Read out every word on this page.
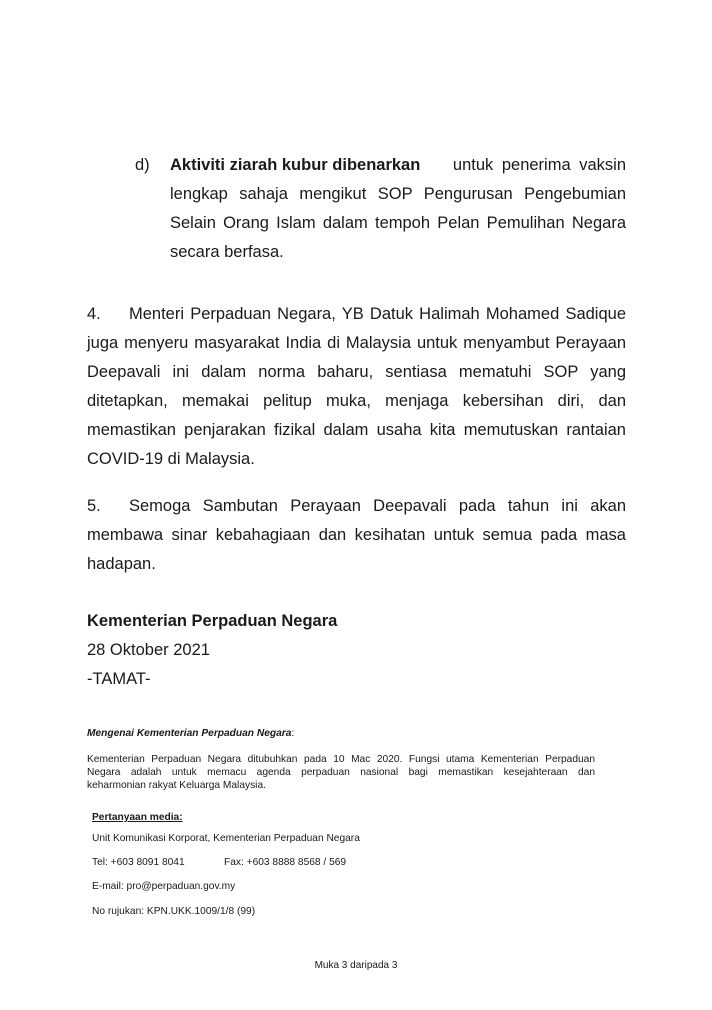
d) Aktiviti ziarah kubur dibenarkan untuk penerima vaksin
lengkap sahaja mengikut SOP Pengurusan Pengebumian
Selain Orang Islam dalam tempoh Pelan Pemulihan Negara
secara berfasa.
4. Menteri Perpaduan Negara, YB Datuk Halimah Mohamed Sadique
juga menyeru masyarakat India di Malaysia untuk menyambut Perayaan
Deepavali ini dalam norma baharu, sentiasa mematuhi SOP yang
ditetapkan, memakai pelitup muka, menjaga kebersihan diri, dan
memastikan penjarakan fizikal dalam usaha kita memutuskan rantaian
COVID-19 di Malaysia.
5. Semoga Sambutan Perayaan Deepavali pada tahun ini akan
membawa sinar kebahagiaan dan kesihatan untuk semua pada masa
hadapan.
Kementerian Perpaduan Negara
28 Oktober 2021
-TAMAT-
Mengenai Kementerian Perpaduan Negara:
Kementerian Perpaduan Negara ditubuhkan pada 10 Mac 2020. Fungsi utama Kementerian Perpaduan
Negara adalah untuk memacu agenda perpaduan nasional bagi memastikan kesejahteraan dan
keharmonian rakyat Keluarga Malaysia.
Pertanyaan media:
Unit Komunikasi Korporat, Kementerian Perpaduan Negara
Tel: +603 8091 8041	Fax: +603 8888 8568 / 569
E-mail: pro@perpaduan.gov.my
No rujukan: KPN.UKK.1009/1/8 (99)
Muka 3 daripada 3
